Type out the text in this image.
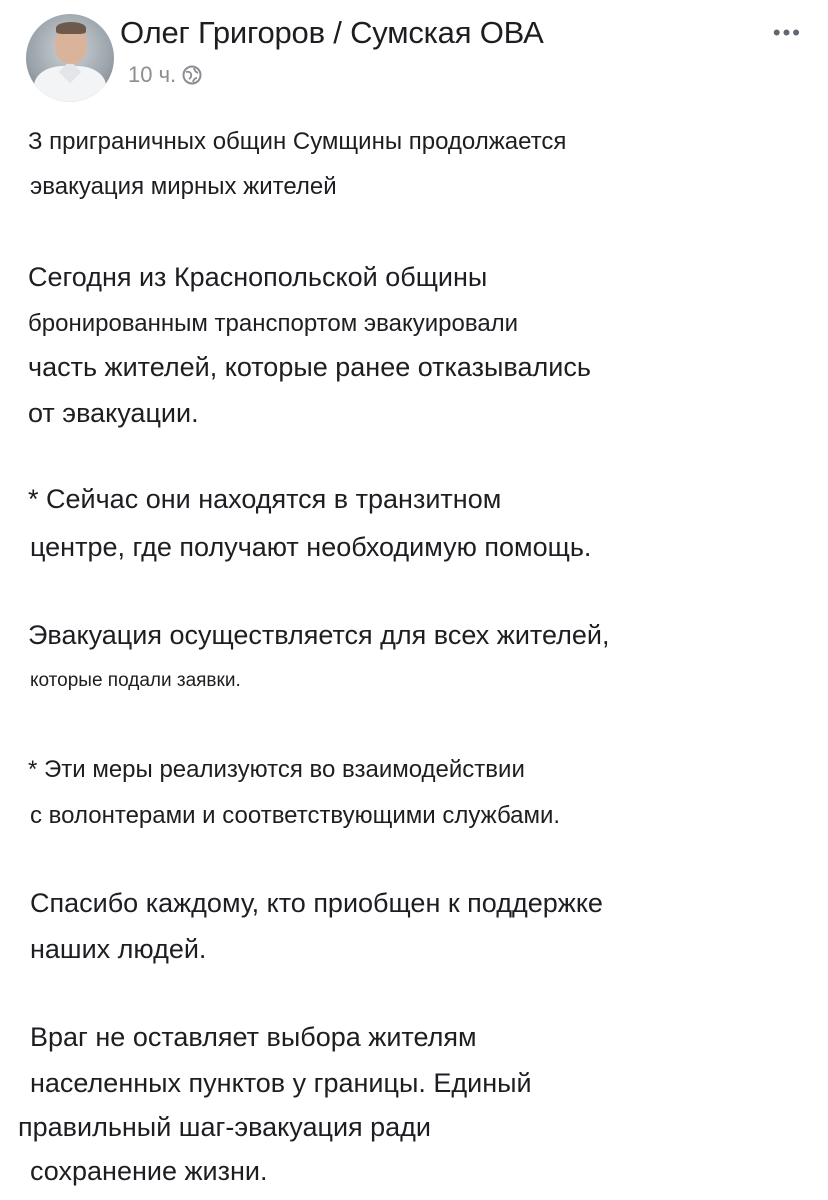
Олег Григоров / Сумская ОВА
10 ч.
•••
З приграничных общин Сумщины продолжается
эвакуация мирных жителей
Сегодня из Краснопольской общины
бронированным транспортом эвакуировали
часть жителей, которые ранее отказывались
от эвакуации.
* Сейчас они находятся в транзитном
центре, где получают необходимую помощь.
Эвакуация осуществляется для всех жителей,
которые подали заявки.
* Эти меры реализуются во взаимодействии
с волонтерами и соответствующими службами.
Спасибо каждому, кто приобщен к поддержке
наших людей.
Враг не оставляет выбора жителям
населенных пунктов у границы. Единый
правильный шаг-эвакуация ради
сохранение жизни.
